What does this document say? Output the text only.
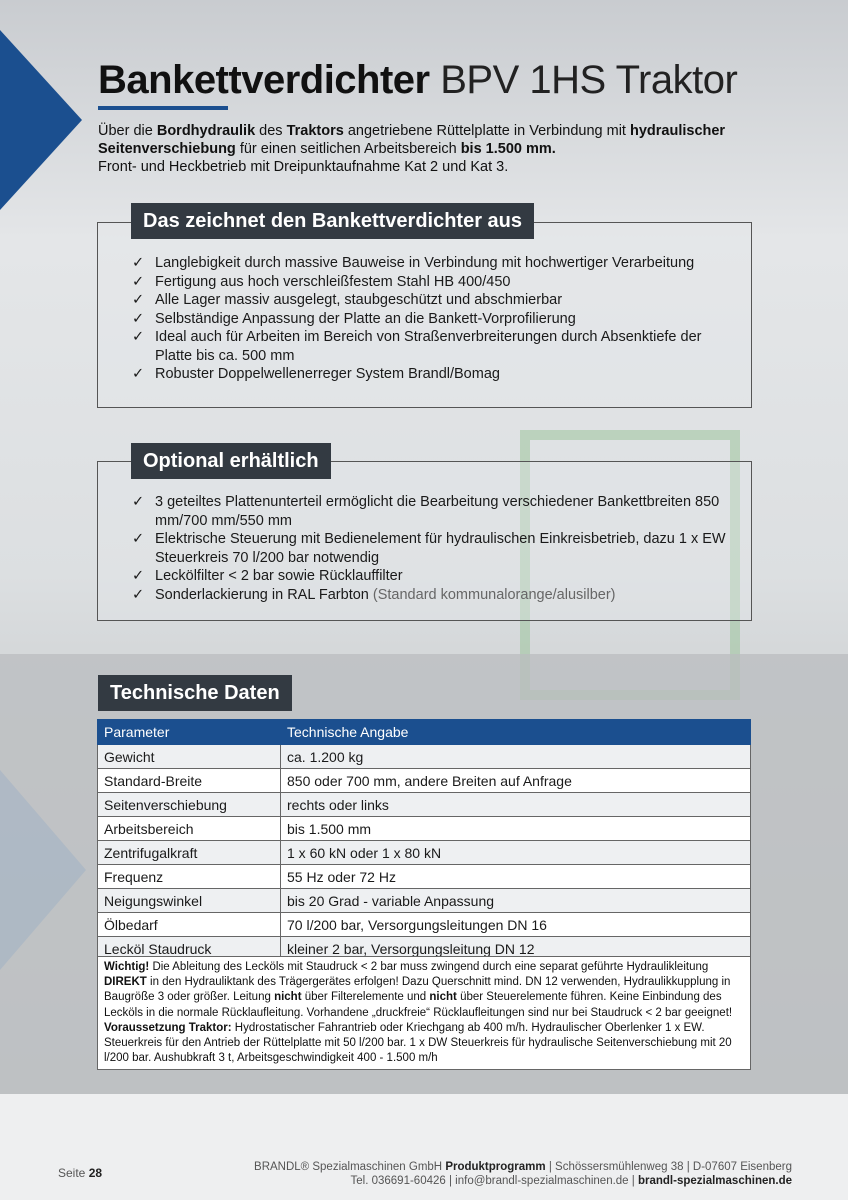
Bankettverdichter BPV 1HS Traktor

Über die Bordhydraulik des Traktors angetriebene Rüttelplatte in Verbindung mit hydraulischer Seitenverschiebung für einen seitlichen Arbeitsbereich bis 1.500 mm.

Front- und Heckbetrieb mit Dreipunktaufnahme Kat 2 und Kat 3.

Das zeichnet den Bankettverdichter aus
✓ Langlebigkeit durch massive Bauweise in Verbindung mit hochwertiger Verarbeitung
✓ Fertigung aus hoch verschleißfestem Stahl HB 400/450
✓ Alle Lager massiv ausgelegt, staubgeschützt und abschmierbar
✓ Selbständige Anpassung der Platte an die Bankett-Vorprofilierung
✓ Ideal auch für Arbeiten im Bereich von Straßenverbreiterungen durch Absenktiefe der Platte bis ca. 500 mm
✓ Robuster Doppelwellenerreger System Brandl/Bomag
Optional erhältlich
✓ 3 geteiltes Plattenunterteil ermöglicht die Bearbeitung verschiedener Bankettbreiten 850 mm/700 mm/550 mm
✓ Elektrische Steuerung mit Bedienelement für hydraulischen Einkreisbetrieb, dazu 1 x EW Steuerkreis 70 l/200 bar notwendig
✓ Leckölfilter < 2 bar sowie Rücklauffilter
✓ Sonderlackierung in RAL Farbton (Standard kommunalorange/alusilber)
Technische Daten
Parameter	Technische Angabe
Gewicht	ca. 1.200 kg
Standard-Breite	850 oder 700 mm, andere Breiten auf Anfrage
Seitenverschiebung	rechts oder links
Arbeitsbereich	bis 1.500 mm
Zentrifugalkraft	1 x 60 kN oder 1 x 80 kN
Frequenz	55 Hz oder 72 Hz
Neigungswinkel	bis 20 Grad - variable Anpassung
Ölbedarf	70 l/200 bar, Versorgungsleitungen DN 16
Lecköl Staudruck	kleiner 2 bar, Versorgungsleitung DN 12
Wichtig! Die Ableitung des Lecköls mit Staudruck < 2 bar muss zwingend durch eine separat geführte Hydraulikleitung DIREKT in den Hydrauliktank des Trägergerätes erfolgen! Dazu Querschnitt mind. DN 12 verwenden, Hydraulikkupplung in Baugröße 3 oder größer. Leitung nicht über Filterelemente und nicht über Steuerelemente führen. Keine Einbindung des Lecköls in die normale Rücklaufleitung. Vorhandene „druckfreie“ Rücklaufleitungen sind nur bei Staudruck < 2 bar geeignet! Voraussetzung Traktor: Hydrostatischer Fahrantrieb oder Kriechgang ab 400 m/h. Hydraulischer Oberlenker 1 x EW. Steuerkreis für den Antrieb der Rüttelplatte mit 50 l/200 bar. 1 x DW Steuerkreis für hydraulische Seitenverschiebung mit 20 l/200 bar. Aushubkraft 3 t, Arbeitsgeschwindigkeit 400 - 1.500 m/h
Seite 28	BRANDL® Spezialmaschinen GmbH Produktprogramm | Schössersmühlenweg 38 | D-07607 Eisenberg
Tel. 036691-60426 | info@brandl-spezialmaschinen.de | brandl-spezialmaschinen.de
